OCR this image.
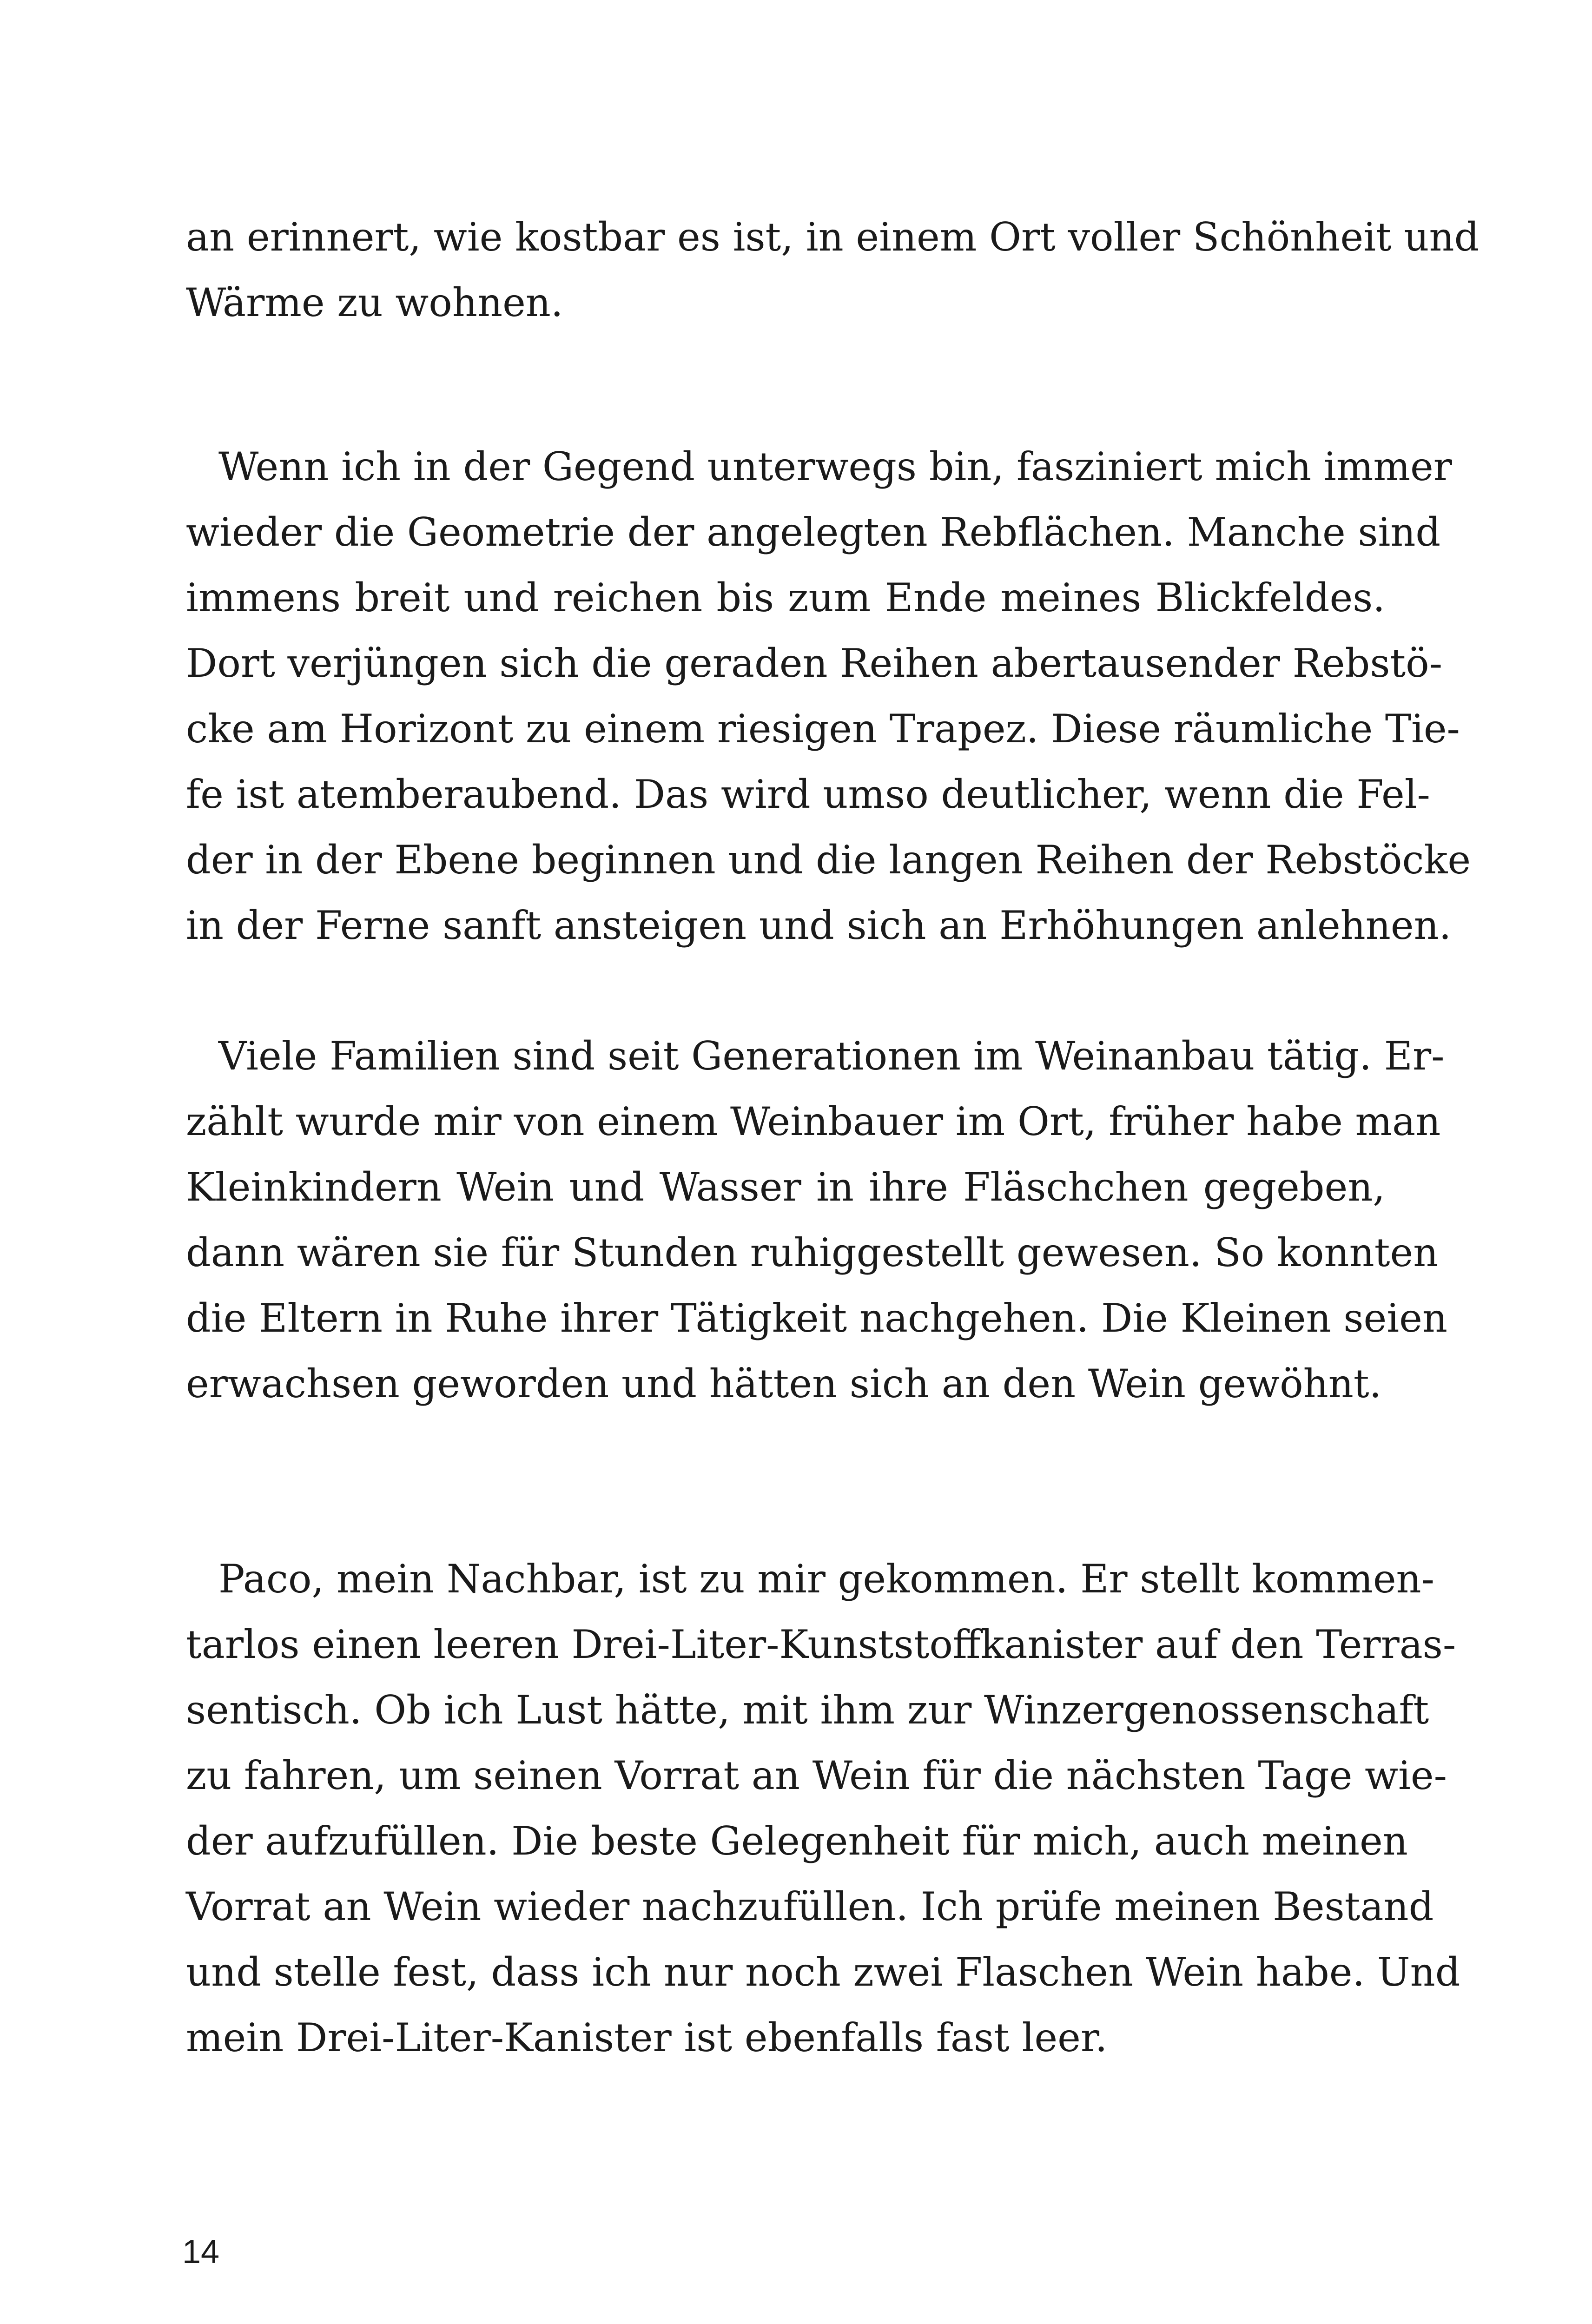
an erinnert, wie kostbar es ist, in einem Ort voller Schönheit und
Wärme zu wohnen.

Wenn ich in der Gegend unterwegs bin, fasziniert mich immer
wieder die Geometrie der angelegten Rebflächen. Manche sind
immens breit und reichen bis zum Ende meines Blickfeldes.
Dort verjüngen sich die geraden Reihen abertausender Rebstö-
cke am Horizont zu einem riesigen Trapez. Diese räumliche Tie-
fe ist atemberaubend. Das wird umso deutlicher, wenn die Fel-
der in der Ebene beginnen und die langen Reihen der Rebstöcke
in der Ferne sanft ansteigen und sich an Erhöhungen anlehnen.

Viele Familien sind seit Generationen im Weinanbau tätig. Er-
zählt wurde mir von einem Weinbauer im Ort, früher habe man
Kleinkindern Wein und Wasser in ihre Fläschchen gegeben,
dann wären sie für Stunden ruhiggestellt gewesen. So konnten
die Eltern in Ruhe ihrer Tätigkeit nachgehen. Die Kleinen seien
erwachsen geworden und hätten sich an den Wein gewöhnt.

Paco, mein Nachbar, ist zu mir gekommen. Er stellt kommen-
tarlos einen leeren Drei-Liter-Kunststoffkanister auf den Terras-
sentisch. Ob ich Lust hätte, mit ihm zur Winzergenossenschaft
zu fahren, um seinen Vorrat an Wein für die nächsten Tage wie-
der aufzufüllen. Die beste Gelegenheit für mich, auch meinen
Vorrat an Wein wieder nachzufüllen. Ich prüfe meinen Bestand
und stelle fest, dass ich nur noch zwei Flaschen Wein habe. Und
mein Drei-Liter-Kanister ist ebenfalls fast leer.

14
